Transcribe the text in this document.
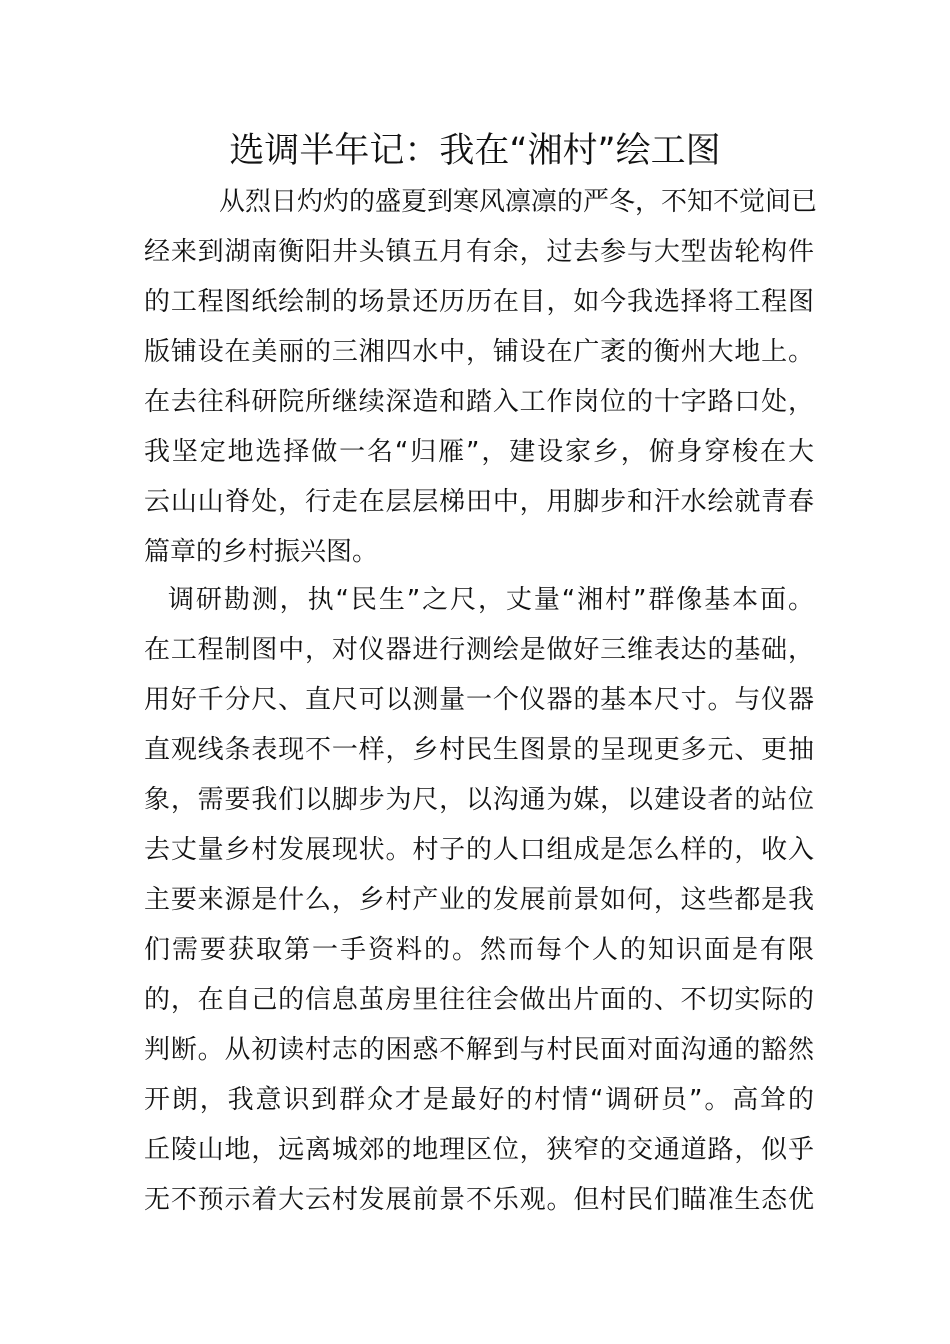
选调半年记：我在“湘村”绘工图
从烈日灼灼的盛夏到寒风凛凛的严冬，不知不觉间已
经来到湖南衡阳井头镇五月有余，过去参与大型齿轮构件
的工程图纸绘制的场景还历历在目，如今我选择将工程图
版铺设在美丽的三湘四水中，铺设在广袤的衡州大地上。
在去往科研院所继续深造和踏入工作岗位的十字路口处，
我坚定地选择做一名“归雁”，建设家乡，俯身穿梭在大
云山山脊处，行走在层层梯田中，用脚步和汗水绘就青春
篇章的乡村振兴图。
调研勘测，执“民生”之尺，丈量“湘村”群像基本面。
在工程制图中，对仪器进行测绘是做好三维表达的基础，
用好千分尺、直尺可以测量一个仪器的基本尺寸。与仪器
直观线条表现不一样，乡村民生图景的呈现更多元、更抽
象，需要我们以脚步为尺，以沟通为媒，以建设者的站位
去丈量乡村发展现状。村子的人口组成是怎么样的，收入
主要来源是什么，乡村产业的发展前景如何，这些都是我
们需要获取第一手资料的。然而每个人的知识面是有限
的，在自己的信息茧房里往往会做出片面的、不切实际的
判断。从初读村志的困惑不解到与村民面对面沟通的豁然
开朗，我意识到群众才是最好的村情“调研员”。高耸的
丘陵山地，远离城郊的地理区位，狭窄的交通道路，似乎
无不预示着大云村发展前景不乐观。但村民们瞄准生态优
